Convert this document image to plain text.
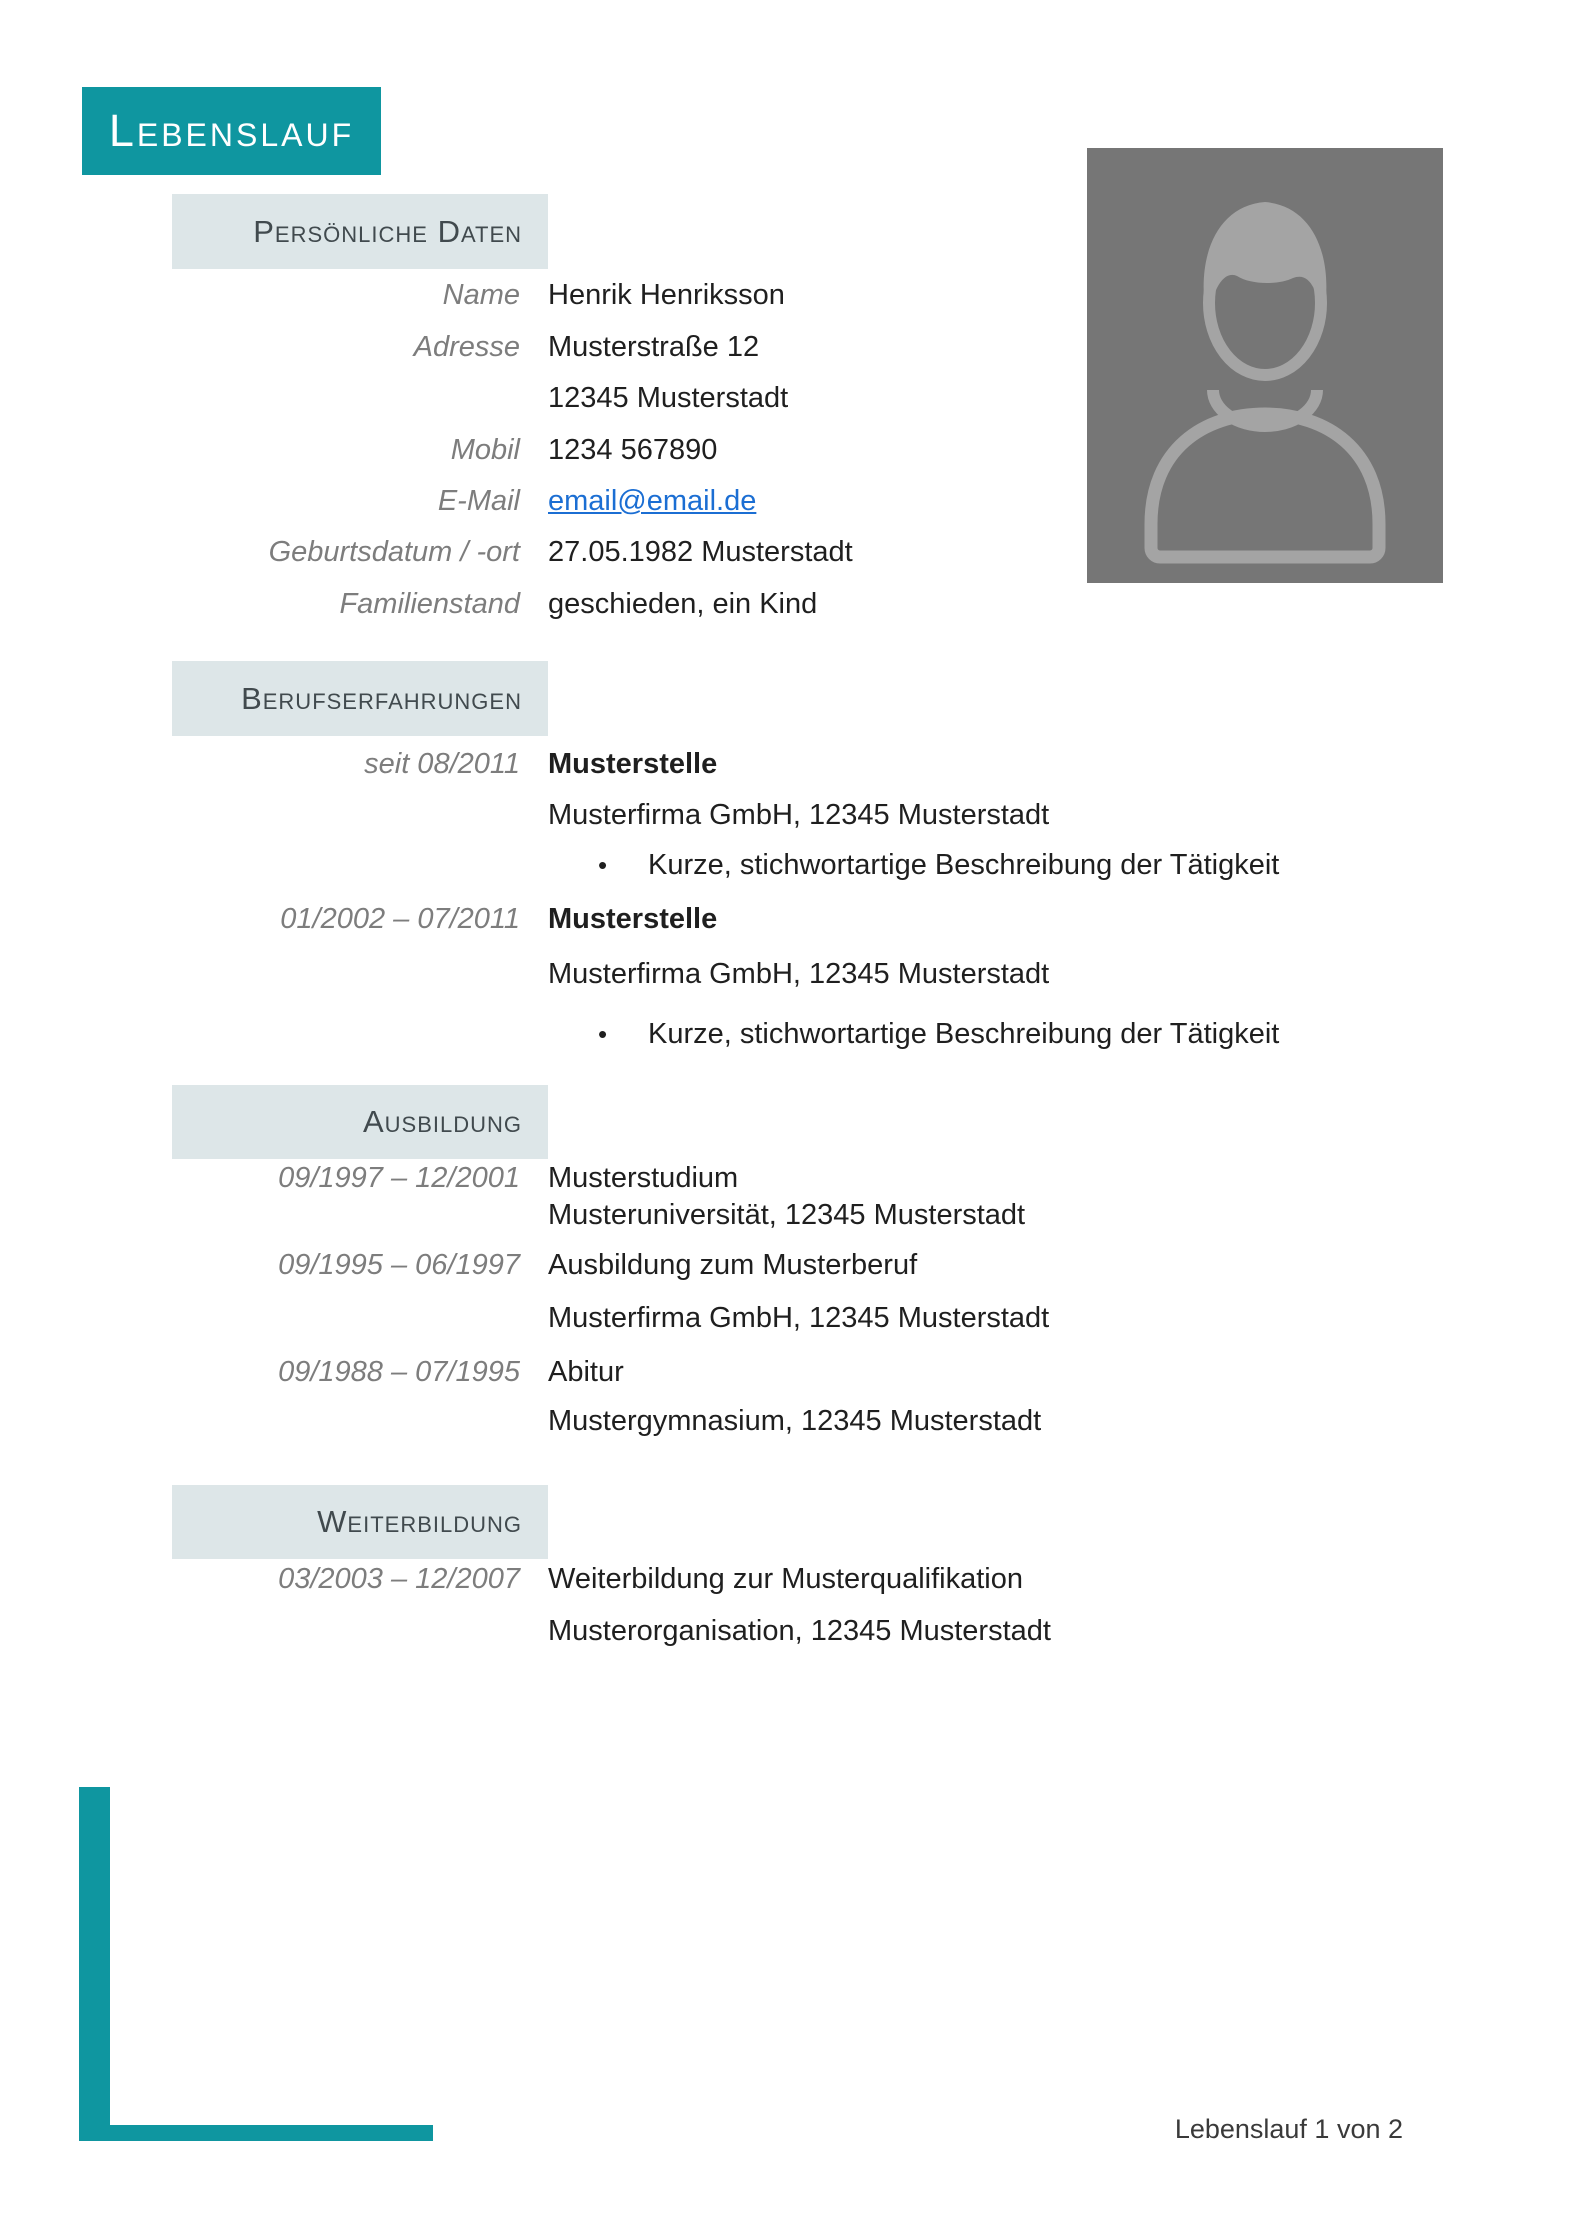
Lebenslauf
Persönliche Daten
Name Henrik Henriksson
Adresse Musterstraße 12
12345 Musterstadt
Mobil 1234 567890
E-Mail email@email.de
Geburtsdatum / -ort 27.05.1982 Musterstadt
Familienstand geschieden, ein Kind
Berufserfahrungen
seit 08/2011 Musterstelle
Musterfirma GmbH, 12345 Musterstadt
•	Kurze, stichwortartige Beschreibung der Tätigkeit
01/2002 – 07/2011 Musterstelle
Musterfirma GmbH, 12345 Musterstadt
•	Kurze, stichwortartige Beschreibung der Tätigkeit
Ausbildung
09/1997 – 12/2001 Musterstudium
Musteruniversität, 12345 Musterstadt
09/1995 – 06/1997 Ausbildung zum Musterberuf
Musterfirma GmbH, 12345 Musterstadt
09/1988 – 07/1995 Abitur
Mustergymnasium, 12345 Musterstadt
Weiterbildung
03/2003 – 12/2007 Weiterbildung zur Musterqualifikation
Musterorganisation, 12345 Musterstadt
Lebenslauf 1 von 2
